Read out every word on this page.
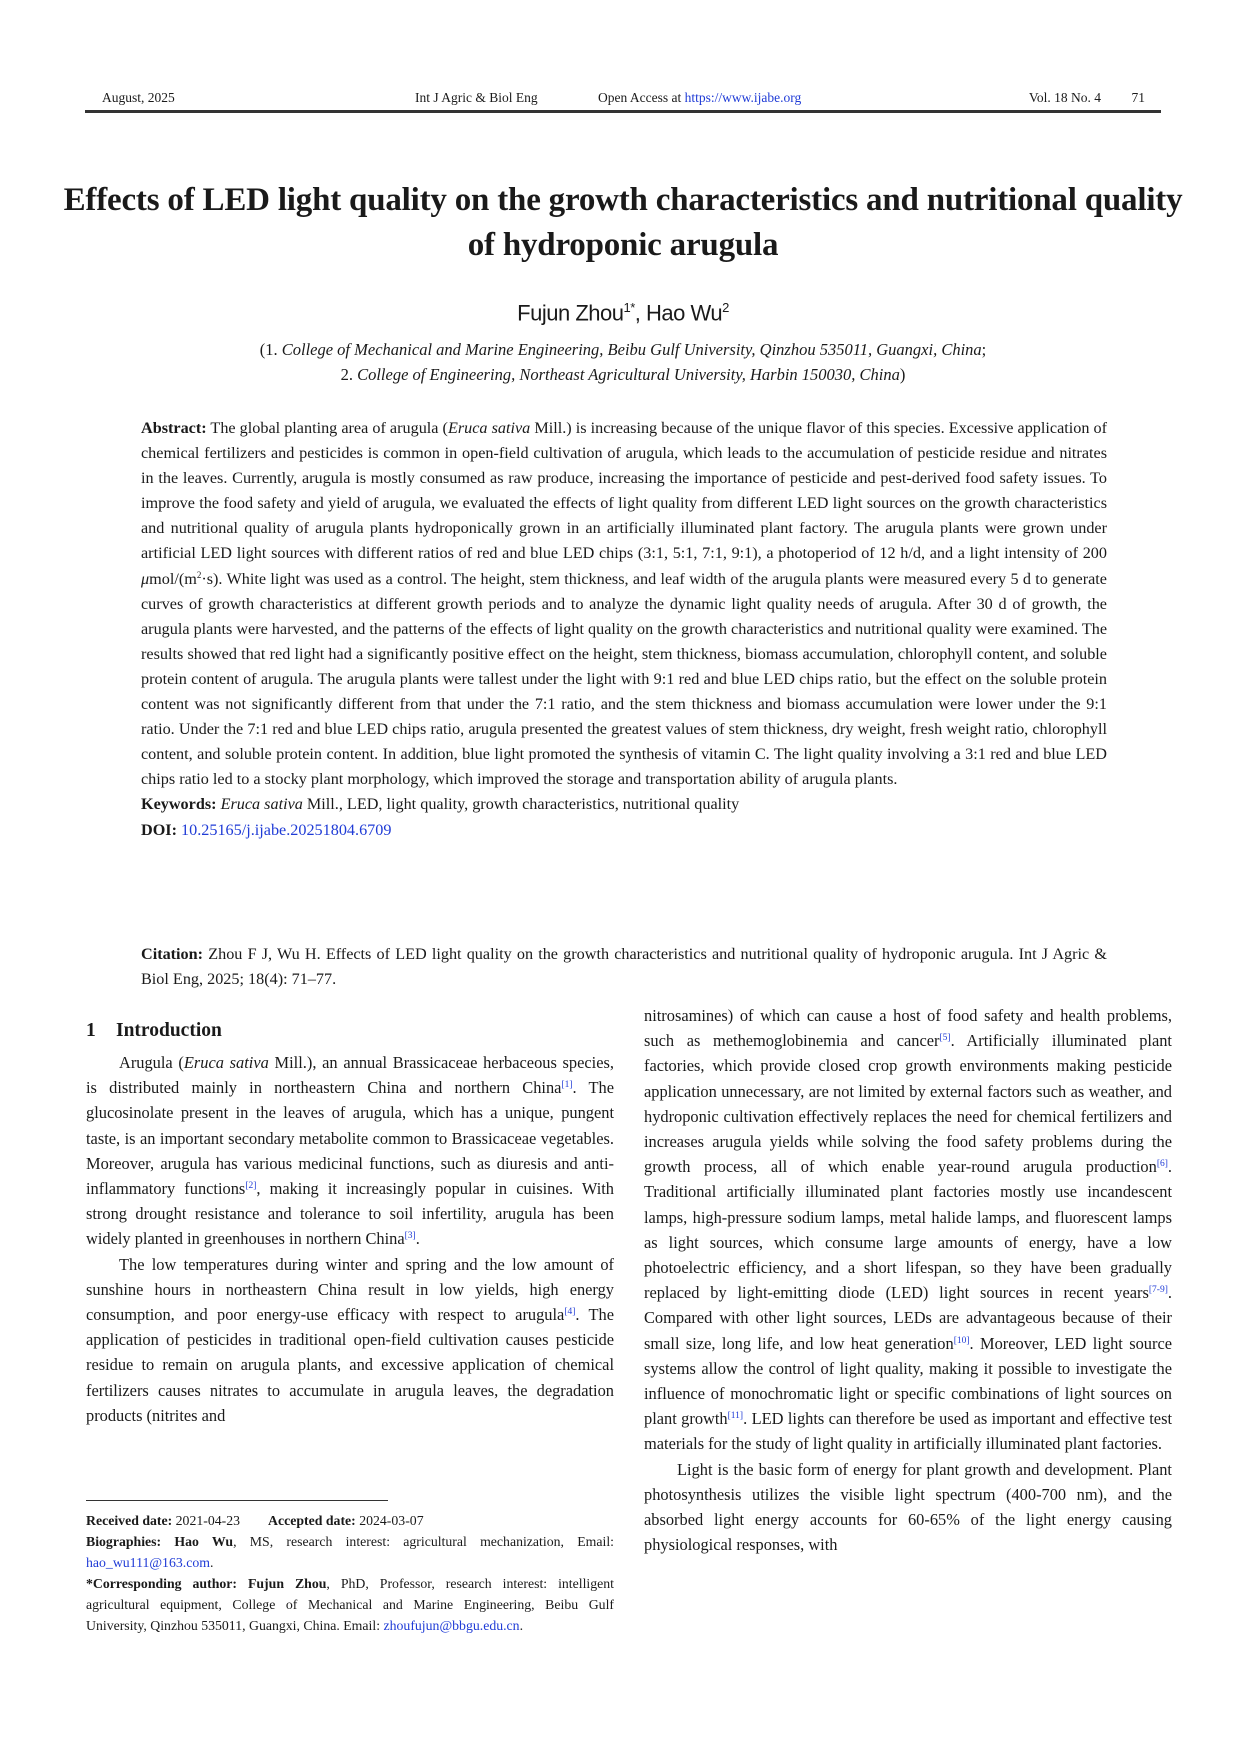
August, 2025	Int J Agric & Biol Eng	Open Access at https://www.ijabe.org	Vol. 18 No. 4 71
Effects of LED light quality on the growth characteristics and nutritional quality of hydroponic arugula
Fujun Zhou$^{1*}$, Hao Wu$^2$
(1. College of Mechanical and Marine Engineering, Beibu Gulf University, Qinzhou 535011, Guangxi, China;
2. College of Engineering, Northeast Agricultural University, Harbin 150030, China)
Abstract: The global planting area of arugula (Eruca sativa Mill.) is increasing because of the unique flavor of this species. Excessive application of chemical fertilizers and pesticides is common in open-field cultivation of arugula, which leads to the accumulation of pesticide residue and nitrates in the leaves. Currently, arugula is mostly consumed as raw produce, increasing the importance of pesticide and pest-derived food safety issues. To improve the food safety and yield of arugula, we evaluated the effects of light quality from different LED light sources on the growth characteristics and nutritional quality of arugula plants hydroponically grown in an artificially illuminated plant factory. The arugula plants were grown under artificial LED light sources with different ratios of red and blue LED chips (3:1, 5:1, 7:1, 9:1), a photoperiod of 12 h/d, and a light intensity of 200 μmol/$(m^2\cdot s)$. White light was used as a control. The height, stem thickness, and leaf width of the arugula plants were measured every 5 d to generate curves of growth characteristics at different growth periods and to analyze the dynamic light quality needs of arugula. After 30 d of growth, the arugula plants were harvested, and the patterns of the effects of light quality on the growth characteristics and nutritional quality were examined. The results showed that red light had a significantly positive effect on the height, stem thickness, biomass accumulation, chlorophyll content, and soluble protein content of arugula. The arugula plants were tallest under the light with 9:1 red and blue LED chips ratio, but the effect on the soluble protein content was not significantly different from that under the 7:1 ratio, and the stem thickness and biomass accumulation were lower under the 9:1 ratio. Under the 7:1 red and blue LED chips ratio, arugula presented the greatest values of stem thickness, dry weight, fresh weight ratio, chlorophyll content, and soluble protein content. In addition, blue light promoted the synthesis of vitamin C. The light quality involving a 3:1 red and blue LED chips ratio led to a stocky plant morphology, which improved the storage and transportation ability of arugula plants.
Keywords: Eruca sativa Mill., LED, light quality, growth characteristics, nutritional quality
DOI: 10.25165/j.ijabe.20251804.6709
Citation: Zhou F J, Wu H. Effects of LED light quality on the growth characteristics and nutritional quality of hydroponic arugula. Int J Agric & Biol Eng, 2025; 18(4): 71–77.
1 Introduction

Arugula (Eruca sativa Mill.), an annual Brassicaceae herbaceous species, is distributed mainly in northeastern China and northern China[1]. The glucosinolate present in the leaves of arugula, which has a unique, pungent taste, is an important secondary metabolite common to Brassicaceae vegetables. Moreover, arugula has various medicinal functions, such as diuresis and anti-inflammatory functions[2], making it increasingly popular in cuisines. With strong drought resistance and tolerance to soil infertility, arugula has been widely planted in greenhouses in northern China[3].

The low temperatures during winter and spring and the low amount of sunshine hours in northeastern China result in low yields, high energy consumption, and poor energy-use efficacy with respect to arugula[4]. The application of pesticides in traditional open-field cultivation causes pesticide residue to remain on arugula plants, and excessive application of chemical fertilizers causes nitrates to accumulate in arugula leaves, the degradation products (nitrites and

nitrosamines) of which can cause a host of food safety and health problems, such as methemoglobinemia and cancer[5]. Artificially illuminated plant factories, which provide closed crop growth environments making pesticide application unnecessary, are not limited by external factors such as weather, and hydroponic cultivation effectively replaces the need for chemical fertilizers and increases arugula yields while solving the food safety problems during the growth process, all of which enable year-round arugula production[6]. Traditional artificially illuminated plant factories mostly use incandescent lamps, high-pressure sodium lamps, metal halide lamps, and fluorescent lamps as light sources, which consume large amounts of energy, have a low photoelectric efficiency, and a short lifespan, so they have been gradually replaced by light-emitting diode (LED) light sources in recent years[7-9]. Compared with other light sources, LEDs are advantageous because of their small size, long life, and low heat generation[10]. Moreover, LED light source systems allow the control of light quality, making it possible to investigate the influence of monochromatic light or specific combinations of light sources on plant growth[11]. LED lights can therefore be used as important and effective test materials for the study of light quality in artificially illuminated plant factories.

Light is the basic form of energy for plant growth and development. Plant photosynthesis utilizes the visible light spectrum (400-700 nm), and the absorbed light energy accounts for 60-65% of the light energy causing physiological responses, with

Received date: 2021-04-23 Accepted date: 2024-03-07

Biographies: Hao Wu, MS, research interest: agricultural mechanization, Email: hao_wu111@163.com.

*Corresponding author: Fujun Zhou, PhD, Professor, research interest: intelligent agricultural equipment, College of Mechanical and Marine Engineering, Beibu Gulf University, Qinzhou 535011, Guangxi, China. Email: zhoufujun@bbgu.edu.cn.
